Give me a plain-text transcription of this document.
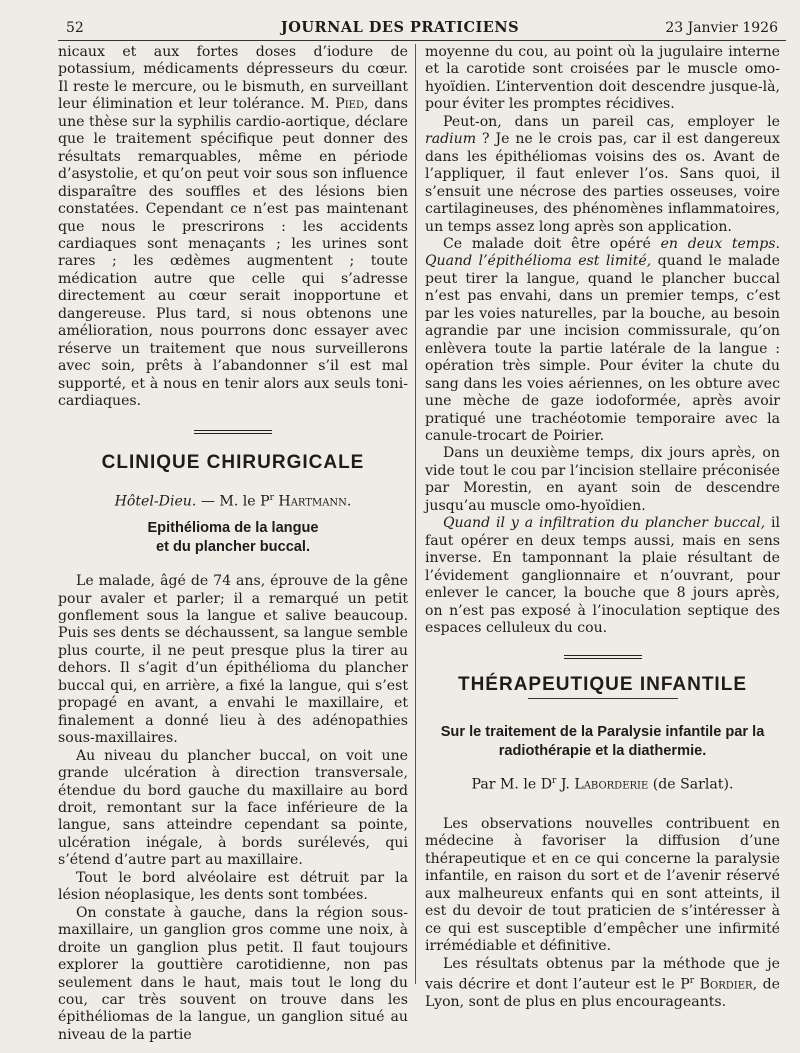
52	JOURNAL DES PRATICIENS	23 Janvier 1926

nicaux et aux fortes doses d’iodure de potassium, médicaments dépresseurs du cœur. Il reste le mercure, ou le bismuth, en surveillant leur élimination et leur tolérance. M. Pied, dans une thèse sur la syphilis cardio-aortique, déclare que le traitement spécifique peut donner des résultats remarquables, même en période d’asystolie, et qu’on peut voir sous son influence disparaître des souffles et des lésions bien constatées. Cependant ce n’est pas maintenant que nous le prescrirons : les accidents cardiaques sont menaçants ; les urines sont rares ; les œdèmes augmentent ; toute médication autre que celle qui s’adresse directement au cœur serait inopportune et dangereuse. Plus tard, si nous obtenons une amélioration, nous pourrons donc essayer avec réserve un traitement que nous surveillerons avec soin, prêts à l’abandonner s’il est mal supporté, et à nous en tenir alors aux seuls toni-cardiaques.

CLINIQUE CHIRURGICALE

Hôtel-Dieu. — M. le $P^r$ Hartmann.

Epithélioma de la langue

et du plancher buccal.

Le malade, âgé de 74 ans, éprouve de la gêne pour avaler et parler; il a remarqué un petit gonflement sous la langue et salive beaucoup. Puis ses dents se déchaussent, sa langue semble plus courte, il ne peut presque plus la tirer au dehors. Il s’agit d’un épithélioma du plancher buccal qui, en arrière, a fixé la langue, qui s’est propagé en avant, a envahi le maxillaire, et finalement a donné lieu à des adénopathies sous-maxillaires.

Au niveau du plancher buccal, on voit une grande ulcération à direction transversale, étendue du bord gauche du maxillaire au bord droit, remontant sur la face inférieure de la langue, sans atteindre cependant sa pointe, ulcération inégale, à bords surélevés, qui s’étend d’autre part au maxillaire.

Tout le bord alvéolaire est détruit par la lésion néoplasique, les dents sont tombées.

On constate à gauche, dans la région sous-maxillaire, un ganglion gros comme une noix, à droite un ganglion plus petit. Il faut toujours explorer la gouttière carotidienne, non pas seulement dans le haut, mais tout le long du cou, car très souvent on trouve dans les épithéliomas de la langue, un ganglion situé au niveau de la partie

moyenne du cou, au point où la jugulaire interne et la carotide sont croisées par le muscle omo-hyoïdien. L’intervention doit descendre jusque-là, pour éviter les promptes récidives.

Peut-on, dans un pareil cas, employer le radium ? Je ne le crois pas, car il est dangereux dans les épithéliomas voisins des os. Avant de l’appliquer, il faut enlever l’os. Sans quoi, il s’ensuit une nécrose des parties osseuses, voire cartilagineuses, des phénomènes inflammatoires, un temps assez long après son application.

Ce malade doit être opéré en deux temps. Quand l’épithélioma est limité, quand le malade peut tirer la langue, quand le plancher buccal n’est pas envahi, dans un premier temps, c’est par les voies naturelles, par la bouche, au besoin agrandie par une incision commissurale, qu’on enlèvera toute la partie latérale de la langue : opération très simple. Pour éviter la chute du sang dans les voies aériennes, on les obture avec une mèche de gaze iodoformée, après avoir pratiqué une trachéotomie temporaire avec la canule-trocart de Poirier.

Dans un deuxième temps, dix jours après, on vide tout le cou par l’incision stellaire préconisée par Morestin, en ayant soin de descendre jusqu’au muscle omo-hyoïdien.

Quand il y a infiltration du plancher buccal, il faut opérer en deux temps aussi, mais en sens inverse. En tamponnant la plaie résultant de l’évidement ganglionnaire et n’ouvrant, pour enlever le cancer, la bouche que 8 jours après, on n’est pas exposé à l’inoculation septique des espaces celluleux du cou.

THÉRAPEUTIQUE INFANTILE

Sur le traitement de la Paralysie infantile par la radiothérapie et la diathermie.

Par M. le $D^r$ J. Laborderie (de Sarlat).

Les observations nouvelles contribuent en médecine à favoriser la diffusion d’une thérapeutique et en ce qui concerne la paralysie infantile, en raison du sort et de l’avenir réservé aux malheureux enfants qui en sont atteints, il est du devoir de tout praticien de s’intéresser à ce qui est susceptible d’empêcher une infirmité irrémédiable et définitive.

Les résultats obtenus par la méthode que je vais décrire et dont l’auteur est le $P^r$ Bordier, de Lyon, sont de plus en plus encourageants.
